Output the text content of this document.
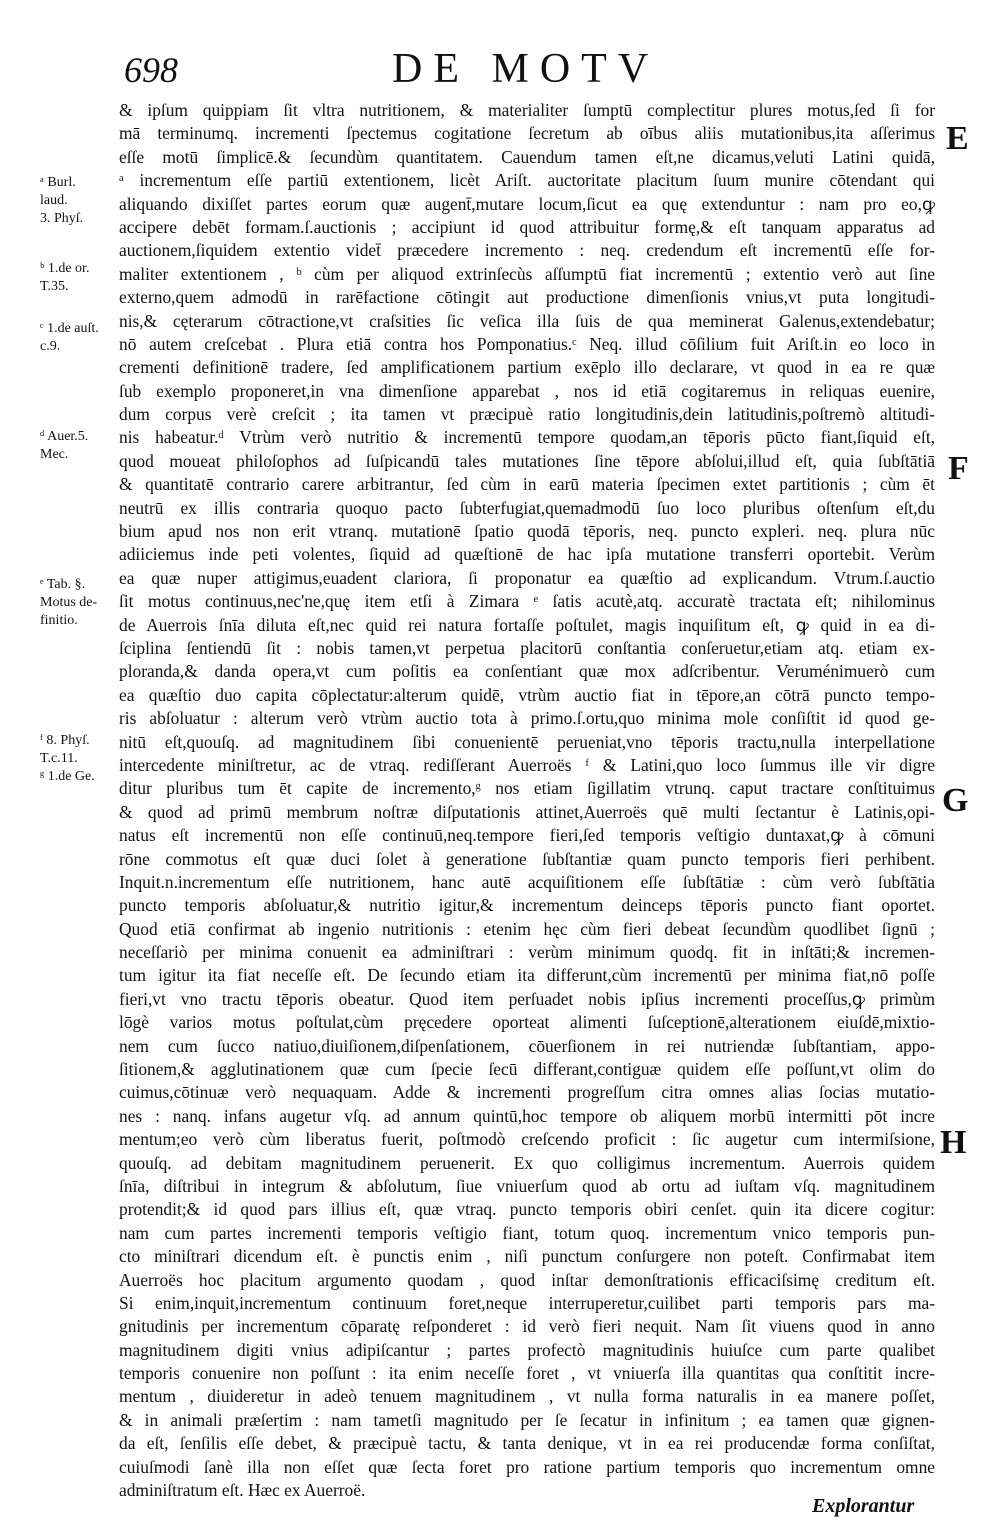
698	DE MOTV
ᵃ Burl.
laud.
3. Phyſ.
ᵇ 1.de or.
T.35.
ᶜ 1.de auſt.
c.9.
ᵈ Auer.5.
Mec.
ᵉ Tab. §.
Motus de-
finitio.
ᶠ 8. Phyſ.
T.c.11.
ᵍ 1.de Ge.
E
F
G
H
& ipſum quippiam ſit vltra nutritionem, & materialiter ſumptū complectitur plures motus,ſed ſi for
mā terminumq. incrementi ſpectemus cogitatione ſecretum ab oībus aliis mutationibus,ita aſſerimus
eſſe motū ſimplicē.& ſecundùm quantitatem. Cauendum tamen eſt,ne dicamus,veluti Latini quidā,
ᵃ incrementum eſſe partiū extentionem, licèt Ariſt. auctoritate placitum ſuum munire cōtendant qui
aliquando dixiſſet partes eorum quæ augent̄,mutare locum,ſicut ea quę extenduntur : nam pro eo,ꝙ
accipere debēt formam.ſ.auctionis ; accipiunt id quod attribuitur formę,& eſt tanquam apparatus ad
auctionem,ſiquidem extentio videt̄ præcedere incremento : neq. credendum eſt incrementū eſſe for-
maliter extentionem , ᵇ cùm per aliquod extrinſecùs aſſumptū fiat incrementū ; extentio verò aut ſine
externo,quem admodū in rarēfactione cōtingit aut productione dimenſionis vnius,vt puta longitudi-
nis,& cęterarum cōtractione,vt craſsities ſic veſica illa ſuis de qua meminerat Galenus,extendebatur;
nō autem creſcebat . Plura etiā contra hos Pomponatius.ᶜ Neq. illud cōſilium fuit Ariſt.in eo loco in
crementi definitionē tradere, ſed amplificationem partium exēplo illo declarare, vt quod in ea re quæ
ſub exemplo proponeret,in vna dimenſione apparebat , nos id etiā cogitaremus in reliquas euenire,
dum corpus verè creſcit ; ita tamen vt præcipuè ratio longitudinis,dein latitudinis,poſtremò altitudi-
nis habeatur.ᵈ Vtrùm verò nutritio & incrementū tempore quodam,an tēporis pūcto fiant,ſiquid eſt,
quod moueat philoſophos ad ſuſpicandū tales mutationes ſine tēpore abſolui,illud eſt, quia ſubſtātiā
& quantitatē contrario carere arbitrantur, ſed cùm in earū materia ſpecimen extet partitionis ; cùm ēt
neutrū ex illis contraria quoquo pacto ſubterfugiat,quemadmodū ſuo loco pluribus oſtenſum eſt,du
bium apud nos non erit vtranq. mutationē ſpatio quodā tēporis, neq. puncto expleri. neq. plura nūc
adiiciemus inde peti volentes, ſiquid ad quæſtionē de hac ipſa mutatione transferri oportebit. Verùm
ea quæ nuper attigimus,euadent clariora, ſi proponatur ea quæſtio ad explicandum. Vtrum.ſ.auctio
ſit motus continuus,nec'ne,quę item etſi à Zimara ᵉ ſatis acutè,atq. accuratè tractata eſt; nihilominus
de Auerrois ſnīa diluta eſt,nec quid rei natura fortaſſe poſtulet, magis inquiſitum eſt, ꝙ quid in ea di-
ſciplina ſentiendū ſit : nobis tamen,vt perpetua placitorū conſtantia conſeruetur,etiam atq. etiam ex-
ploranda,& danda opera,vt cum poſitis ea conſentiant quæ mox adſcribentur. Veruménimuerò cum
ea quæſtio duo capita cōplectatur:alterum quidē, vtrùm auctio fiat in tēpore,an cōtrā puncto tempo-
ris abſoluatur : alterum verò vtrùm auctio tota à primo.ſ.ortu,quo minima mole conſiſtit id quod ge-
nitū eſt,quouſq. ad magnitudinem ſibi conuenientē perueniat,vno tēporis tractu,nulla interpellatione
intercedente miniſtretur, ac de vtraq. rediſſerant Auerroës ᶠ & Latini,quo loco ſummus ille vir digre
ditur pluribus tum ēt capite de incremento,ᵍ nos etiam ſigillatim vtrunq. caput tractare conſtituimus
& quod ad primū membrum noſtræ diſputationis attinet,Auerroës quē multi ſectantur è Latinis,opi-
natus eſt incrementū non eſſe continuū,neq.tempore fieri,ſed temporis veſtigio duntaxat,ꝙ à cōmuni
rōne commotus eſt quæ duci ſolet à generatione ſubſtantiæ quam puncto temporis fieri perhibent.
Inquit.n.incrementum eſſe nutritionem, hanc autē acquiſitionem eſſe ſubſtātiæ : cùm verò ſubſtātia
puncto temporis abſoluatur,& nutritio igitur,& incrementum deinceps tēporis puncto fiant oportet.
Quod etiā confirmat ab ingenio nutritionis : etenim hęc cùm fieri debeat ſecundùm quodlibet ſignū ;
neceſſariò per minima conuenit ea adminiſtrari : verùm minimum quodq. fit in inſtāti;& incremen-
tum igitur ita fiat neceſſe eſt. De ſecundo etiam ita differunt,cùm incrementū per minima fiat,nō poſſe
fieri,vt vno tractu tēporis obeatur. Quod item perſuadet nobis ipſius incrementi proceſſus,ꝙ primùm
lōgè varios motus poſtulat,cùm pręcedere oporteat alimenti ſuſceptionē,alterationem eiuſdē,mixtio-
nem cum ſucco natiuo,diuiſionem,diſpenſationem, cōuerſionem in rei nutriendæ ſubſtantiam, appo-
ſitionem,& agglutinationem quæ cum ſpecie ſecū differant,contiguæ quidem eſſe poſſunt,vt olim do
cuimus,cōtinuæ verò nequaquam. Adde & incrementi progreſſum citra omnes alias ſocias mutatio-
nes : nanq. infans augetur vſq. ad annum quintū,hoc tempore ob aliquem morbū intermitti pōt incre
mentum;eo verò cùm liberatus fuerit, poſtmodò creſcendo proficit : ſic augetur cum intermiſsione,
quouſq. ad debitam magnitudinem peruenerit. Ex quo colligimus incrementum. Auerrois quidem
ſnīa, diſtribui in integrum & abſolutum, ſiue vniuerſum quod ab ortu ad iuſtam vſq. magnitudinem
protendit;& id quod pars illius eſt, quæ vtraq. puncto temporis obiri cenſet. quin ita dicere cogitur:
nam cum partes incrementi temporis veſtigio fiant, totum quoq. incrementum vnico temporis pun-
cto miniſtrari dicendum eſt. è punctis enim , niſi punctum conſurgere non poteſt. Confirmabat item
Auerroës hoc placitum argumento quodam , quod inſtar demonſtrationis efficaciſsimę creditum eſt.
Si enim,inquit,incrementum continuum foret,neque interruperetur,cuilibet parti temporis pars ma-
gnitudinis per incrementum cōparatę reſponderet : id verò fieri nequit. Nam ſit viuens quod in anno
magnitudinem digiti vnius adipiſcantur ; partes profectò magnitudinis huiuſce cum parte qualibet
temporis conuenire non poſſunt : ita enim neceſſe foret , vt vniuerſa illa quantitas qua conſtitit incre-
mentum , diuideretur in adeò tenuem magnitudinem , vt nulla forma naturalis in ea manere poſſet,
& in animali præſertim : nam tametſi magnitudo per ſe ſecatur in infinitum ; ea tamen quæ gignen-
da eſt, ſenſilis eſſe debet, & præcipuè tactu, & tanta denique, vt in ea rei producendæ forma conſiſtat,
cuiuſmodi ſanè illa non eſſet quæ ſecta foret pro ratione partium temporis quo incrementum omne
adminiſtratum eſt. Hæc ex Auerroë.
Explorantur
